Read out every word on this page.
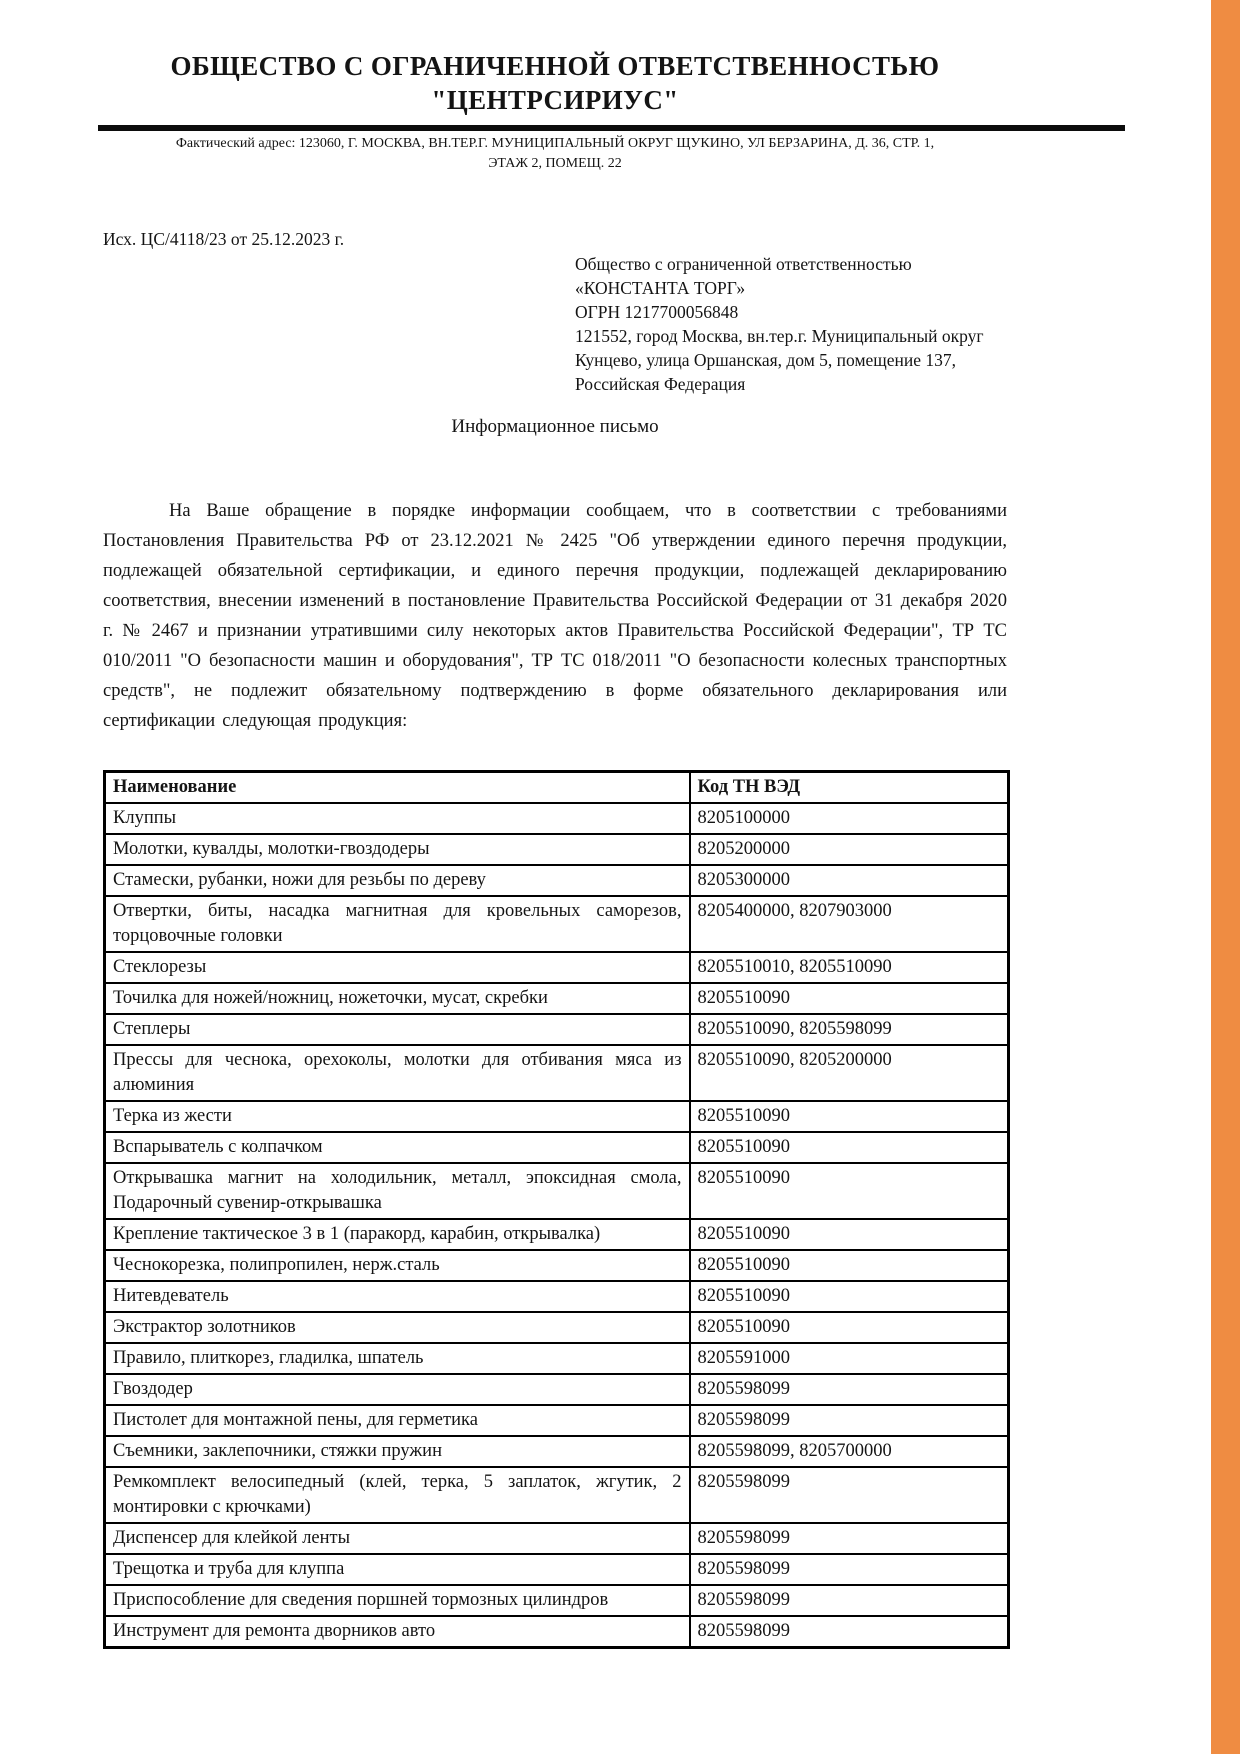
ОБЩЕСТВО С ОГРАНИЧЕННОЙ ОТВЕТСТВЕННОСТЬЮ
"ЦЕНТРСИРИУС"
Фактический адрес: 123060, Г. МОСКВА, ВН.ТЕР.Г. МУНИЦИПАЛЬНЫЙ ОКРУГ ЩУКИНО, УЛ БЕРЗАРИНА, Д. 36, СТР. 1,
ЭТАЖ 2, ПОМЕЩ. 22
Исх. ЦС/4118/23 от 25.12.2023 г.
Общество с ограниченной ответственностью
«КОНСТАНТА ТОРГ»
ОГРН 1217700056848
121552, город Москва, вн.тер.г. Муниципальный округ
Кунцево, улица Оршанская, дом 5, помещение 137,
Российская Федерация
Информационное письмо

На Ваше обращение в порядке информации сообщаем, что в соответствии с требованиями Постановления Правительства РФ от 23.12.2021 № 2425 "Об утверждении единого перечня продукции, подлежащей обязательной сертификации, и единого перечня продукции, подлежащей декларированию соответствия, внесении изменений в постановление Правительства Российской Федерации от 31 декабря 2020 г. № 2467 и признании утратившими силу некоторых актов Правительства Российской Федерации", ТР ТС 010/2011 "О безопасности машин и оборудования", ТР ТС 018/2011 "О безопасности колесных транспортных средств", не подлежит обязательному подтверждению в форме обязательного декларирования или сертификации следующая продукция:

Наименование	Код ТН ВЭД
Клуппы	8205100000
Молотки, кувалды, молотки-гвоздодеры	8205200000
Стамески, рубанки, ножи для резьбы по дереву	8205300000
Отвертки, биты, насадка магнитная для кровельных саморезов, торцовочные головки	8205400000, 8207903000
Стеклорезы	8205510010, 8205510090
Точилка для ножей/ножниц, ножеточки, мусат, скребки	8205510090
Степлеры	8205510090, 8205598099
Прессы для чеснока, орехоколы, молотки для отбивания мяса из алюминия	8205510090, 8205200000
Терка из жести	8205510090
Вспарыватель с колпачком	8205510090
Открывашка магнит на холодильник, металл, эпоксидная смола, Подарочный сувенир-открывашка	8205510090
Крепление тактическое 3 в 1 (паракорд, карабин, открывалка)	8205510090
Чеснокорезка, полипропилен, нерж.сталь	8205510090
Нитевдеватель	8205510090
Экстрактор золотников	8205510090
Правило, плиткорез, гладилка, шпатель	8205591000
Гвоздодер	8205598099
Пистолет для монтажной пены, для герметика	8205598099
Съемники, заклепочники, стяжки пружин	8205598099, 8205700000
Ремкомплект велосипедный (клей, терка, 5 заплаток, жгутик, 2 монтировки с крючками)	8205598099
Диспенсер для клейкой ленты	8205598099
Трещотка и труба для клуппа	8205598099
Приспособление для сведения поршней тормозных цилиндров	8205598099
Инструмент для ремонта дворников авто	8205598099
